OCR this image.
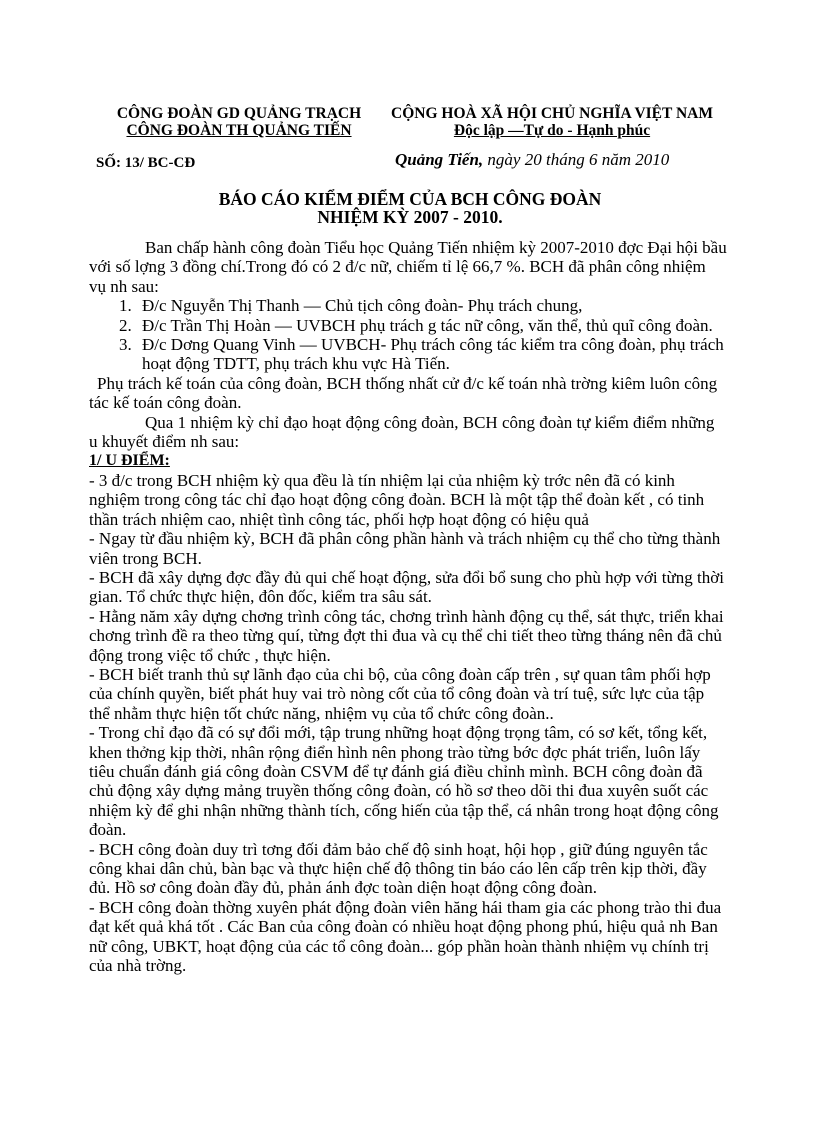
CÔNG ĐOÀN GD QUẢNG TRẠCH
CÔNG ĐOÀN TH QUẢNG TIẾN
CỘNG HOÀ XÃ HỘI CHỦ NGHĨA VIỆT NAM
Độc lập —Tự do - Hạnh phúc
SỐ: 13/ BC-CĐ	Quảng Tiến, ngày 20 tháng 6 năm 2010
BÁO CÁO KIỂM ĐIỂM CỦA BCH CÔNG ĐOÀN
NHIỆM KỲ 2007 - 2010.

Ban chấp hành công đoàn Tiểu học Quảng Tiến nhiệm kỳ 2007-2010 đợc Đại hội bầu với số lợng 3 đồng chí.Trong đó có 2 đ/c nữ, chiếm tỉ lệ 66,7 %. BCH đã phân công nhiệm vụ nh sau:

1. Đ/c Nguyễn Thị Thanh — Chủ tịch công đoàn- Phụ trách chung,
2. Đ/c Trần Thị Hoàn — UVBCH phụ trách g tác nữ công, văn thể, thủ quĩ công đoàn.
3. Đ/c Dơng Quang Vinh — UVBCH- Phụ trách công tác kiểm tra công đoàn, phụ trách hoạt động TDTT, phụ trách khu vực Hà Tiến.

Phụ trách kế toán của công đoàn, BCH thống nhất cử đ/c kế toán nhà trờng kiêm luôn công tác kế toán công đoàn.

Qua 1 nhiệm kỳ chỉ đạo hoạt động công đoàn, BCH công đoàn tự kiểm điểm những u khuyết điểm nh sau:

1/ U ĐIỂM:

- 3 đ/c trong BCH nhiệm kỳ qua đều là tín nhiệm lại của nhiệm kỳ trớc nên đã có kinh nghiệm trong công tác chỉ đạo hoạt động công đoàn. BCH là một tập thể đoàn kết , có tinh thần trách nhiệm cao, nhiệt tình công tác, phối hợp hoạt động có hiệu quả

- Ngay từ đầu nhiệm kỳ, BCH đã phân công phần hành và trách nhiệm cụ thể cho từng thành viên trong BCH.

- BCH đã xây dựng đợc đầy đủ qui chế hoạt động, sửa đổi bổ sung cho phù hợp với từng thời gian. Tổ chức thực hiện, đôn đốc, kiểm tra sâu sát.

- Hằng năm xây dựng chơng trình công tác, chơng trình hành động cụ thể, sát thực, triển khai chơng trình đề ra theo từng quí, từng đợt thi đua và cụ thể chi tiết theo từng tháng nên đã chủ động trong việc tổ chức , thực hiện.

- BCH biết tranh thủ sự lãnh đạo của chi bộ, của công đoàn cấp trên , sự quan tâm phối hợp của chính quyền, biết phát huy vai trò nòng cốt của tổ công đoàn và trí tuệ, sức lực của tập thể nhằm thực hiện tốt chức năng, nhiệm vụ của tổ chức công đoàn..

- Trong chỉ đạo đã có sự đổi mới, tập trung những hoạt động trọng tâm, có sơ kết, tổng kết, khen thởng kịp thời, nhân rộng điển hình nên phong trào từng bớc đợc phát triển, luôn lấy tiêu chuẩn đánh giá công đoàn CSVM để tự đánh giá điều chỉnh mình. BCH công đoàn đã chủ động xây dựng mảng truyền thống công đoàn, có hồ sơ theo dõi thi đua xuyên suốt các nhiệm kỳ để ghi nhận những thành tích, cống hiến của tập thể, cá nhân trong hoạt động công đoàn.

- BCH công đoàn duy trì tơng đối đảm bảo chế độ sinh hoạt, hội họp , giữ đúng nguyên tắc công khai dân chủ, bàn bạc và thực hiện chế độ thông tin báo cáo lên cấp trên kịp thời, đầy đủ. Hồ sơ công đoàn đầy đủ, phản ánh đợc toàn diện hoạt động công đoàn.

- BCH công đoàn thờng xuyên phát động đoàn viên hăng hái tham gia các phong trào thi đua đạt kết quả khá tốt . Các Ban của công đoàn có nhiều hoạt động phong phú, hiệu quả nh Ban nữ công, UBKT, hoạt động của các tổ công đoàn... góp phần hoàn thành nhiệm vụ chính trị của nhà trờng.
